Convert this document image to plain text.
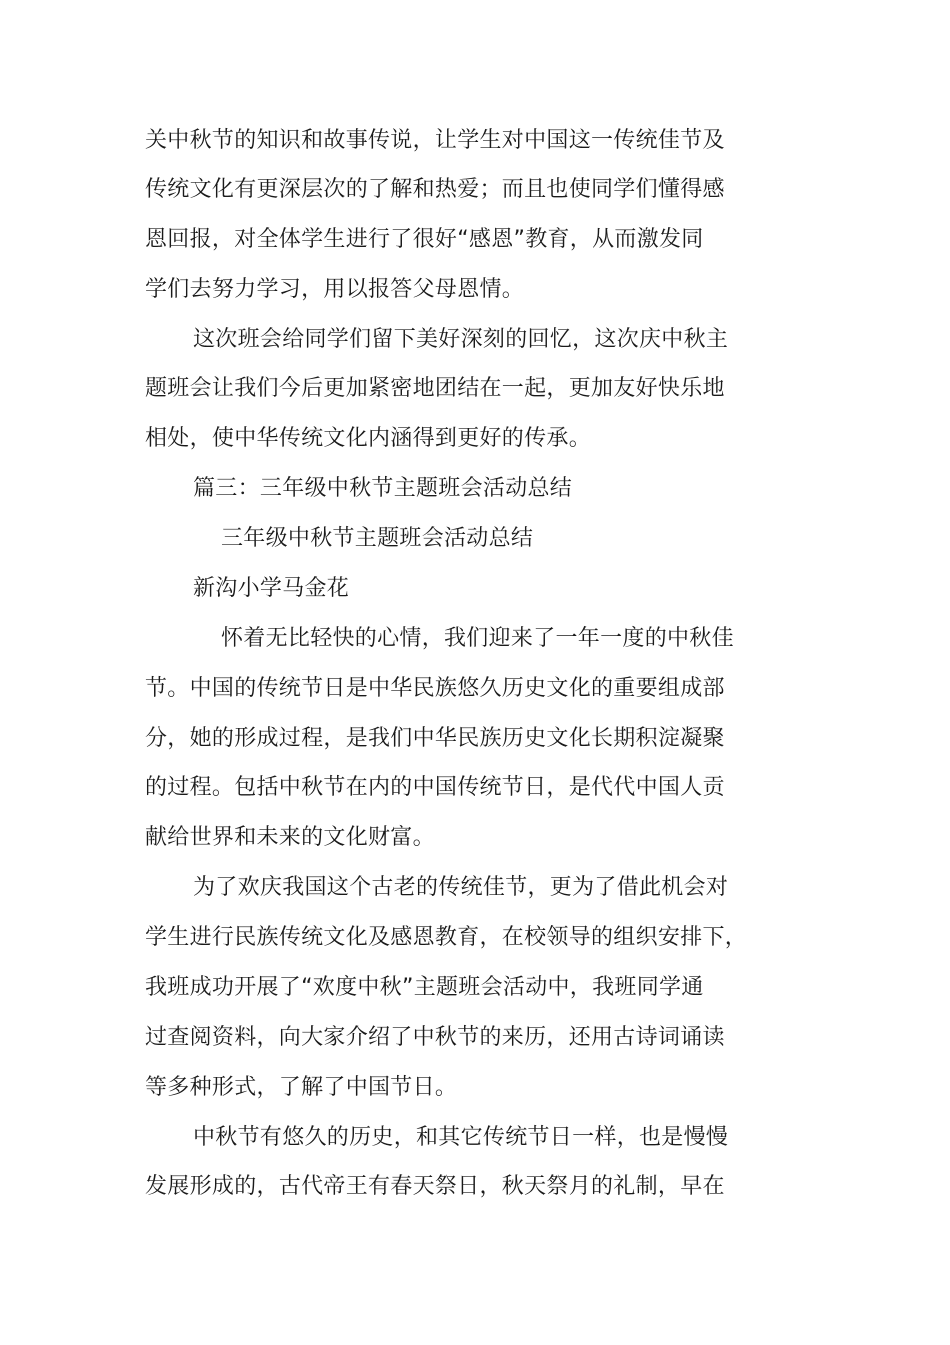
关中秋节的知识和故事传说，让学生对中国这一传统佳节及
传统文化有更深层次的了解和热爱；而且也使同学们懂得感
恩回报，对全体学生进行了很好“感恩”教育，从而激发同
学们去努力学习，用以报答父母恩情。
这次班会给同学们留下美好深刻的回忆，这次庆中秋主
题班会让我们今后更加紧密地团结在一起，更加友好快乐地
相处，使中华传统文化内涵得到更好的传承。
篇三：三年级中秋节主题班会活动总结
三年级中秋节主题班会活动总结
新沟小学马金花
怀着无比轻快的心情，我们迎来了一年一度的中秋佳
节。中国的传统节日是中华民族悠久历史文化的重要组成部
分，她的形成过程，是我们中华民族历史文化长期积淀凝聚
的过程。包括中秋节在内的中国传统节日，是代代中国人贡
献给世界和未来的文化财富。
为了欢庆我国这个古老的传统佳节，更为了借此机会对
学生进行民族传统文化及感恩教育，在校领导的组织安排下，
我班成功开展了“欢度中秋”主题班会活动中，我班同学通
过查阅资料，向大家介绍了中秋节的来历，还用古诗词诵读
等多种形式，了解了中国节日。
中秋节有悠久的历史，和其它传统节日一样，也是慢慢
发展形成的，古代帝王有春天祭日，秋天祭月的礼制，早在
